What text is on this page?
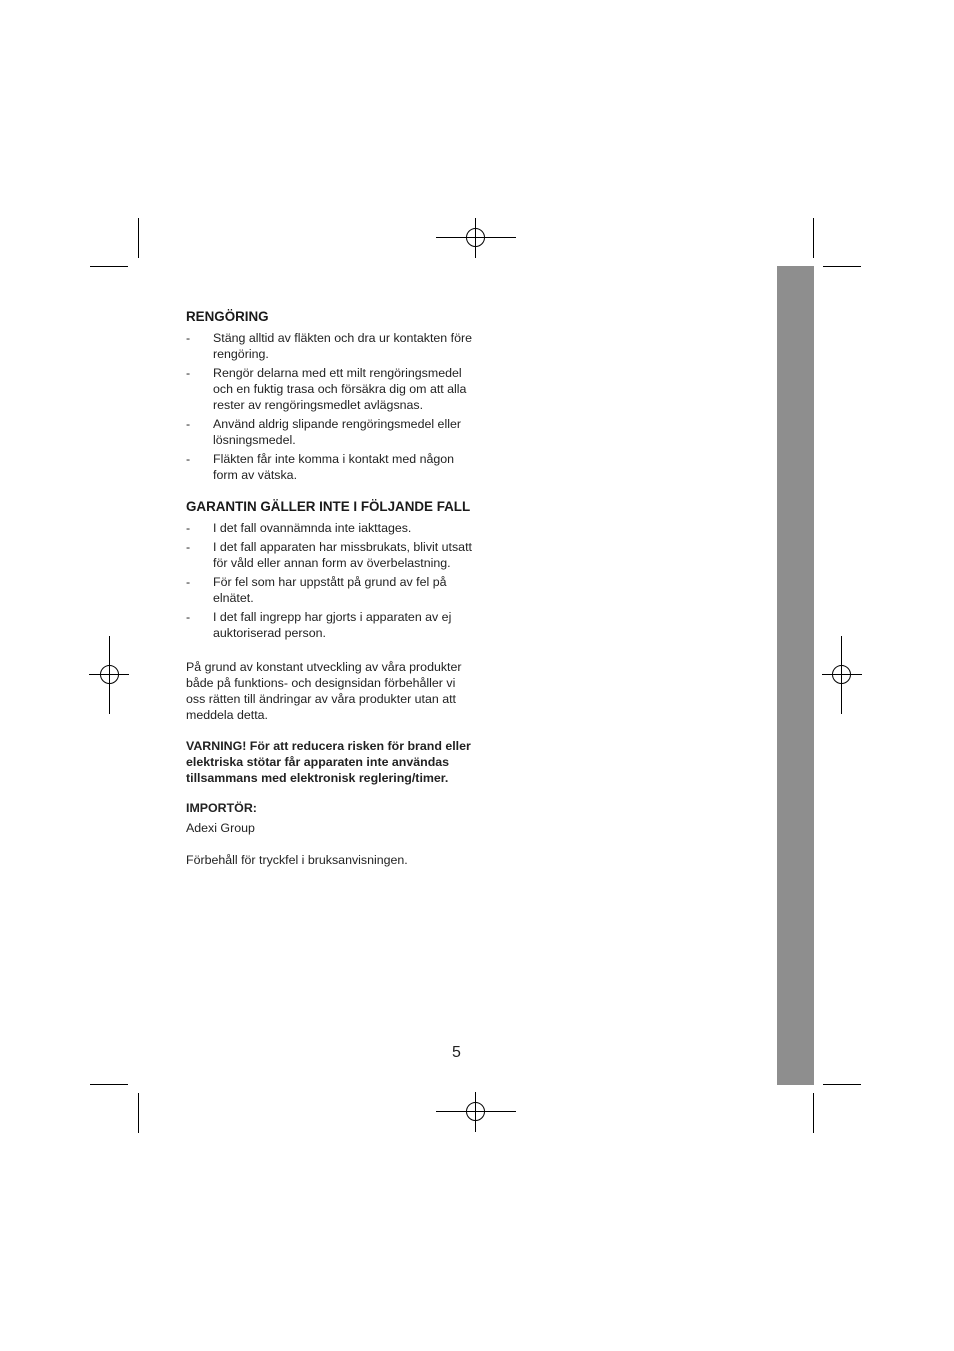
RENGÖRING
- Stäng alltid av fläkten och dra ur kontakten före rengöring.
- Rengör delarna med ett milt rengöringsmedel och en fuktig trasa och försäkra dig om att alla rester av rengöringsmedlet avlägsnas.
- Använd aldrig slipande rengöringsmedel eller lösningsmedel.
- Fläkten får inte komma i kontakt med någon form av vätska.
GARANTIN GÄLLER INTE I FÖLJANDE FALL
- I det fall ovannämnda inte iakttages.
- I det fall apparaten har missbrukats, blivit utsatt för våld eller annan form av överbelastning.
- För fel som har uppstått på grund av fel på elnätet.
- I det fall ingrepp har gjorts i apparaten av ej auktoriserad person.

På grund av konstant utveckling av våra produkter både på funktions- och designsidan förbehåller vi oss rätten till ändringar av våra produkter utan att meddela detta.

VARNING! För att reducera risken för brand eller elektriska stötar får apparaten inte användas tillsammans med elektronisk reglering/timer.

IMPORTÖR:

Adexi Group

Förbehåll för tryckfel i bruksanvisningen.

5
